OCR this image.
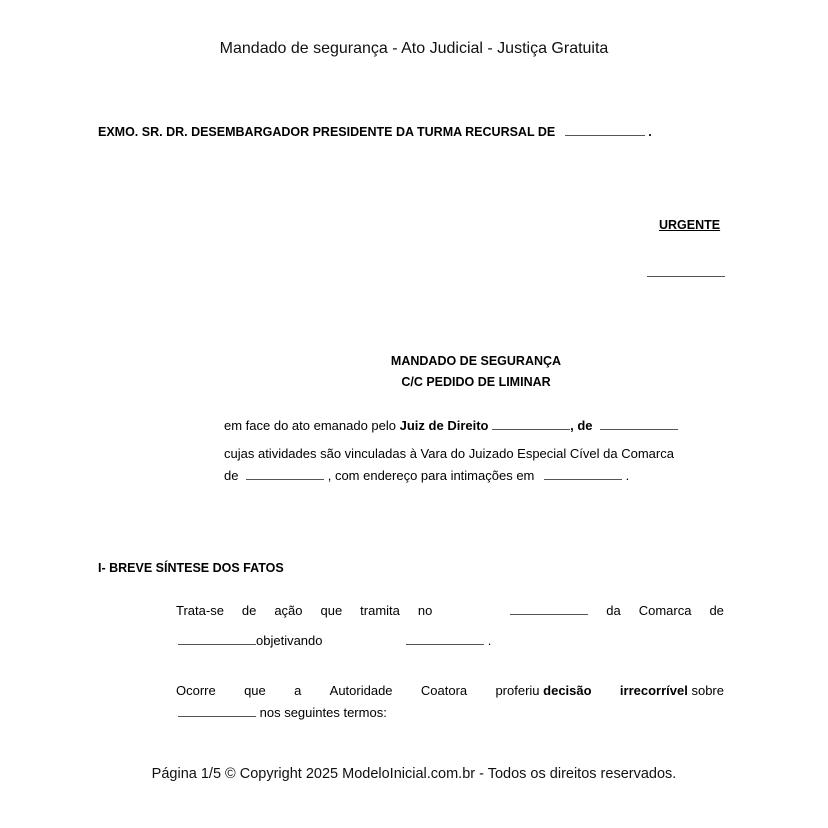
Mandado de segurança - Ato Judicial - Justiça Gratuita
EXMO. SR. DR. DESEMBARGADOR PRESIDENTE DA TURMA RECURSAL DE	.
URGENTE
MANDADO DE SEGURANÇA
C/C PEDIDO DE LIMINAR
em face do ato emanado pelo Juiz de Direito	, de
cujas atividades são vinculadas à Vara do Juizado Especial Cível da Comarca
de	, com endereço para intimações em	.
I- BREVE SÍNTESE DOS FATOS
Trata-se de ação que tramita no	da Comarca de
objetivando	.
Ocorre que a Autoridade Coatora proferiu decisão irrecorrível sobre
nos seguintes termos:
Página 1/5 © Copyright 2025 ModeloInicial.com.br - Todos os direitos reservados.
